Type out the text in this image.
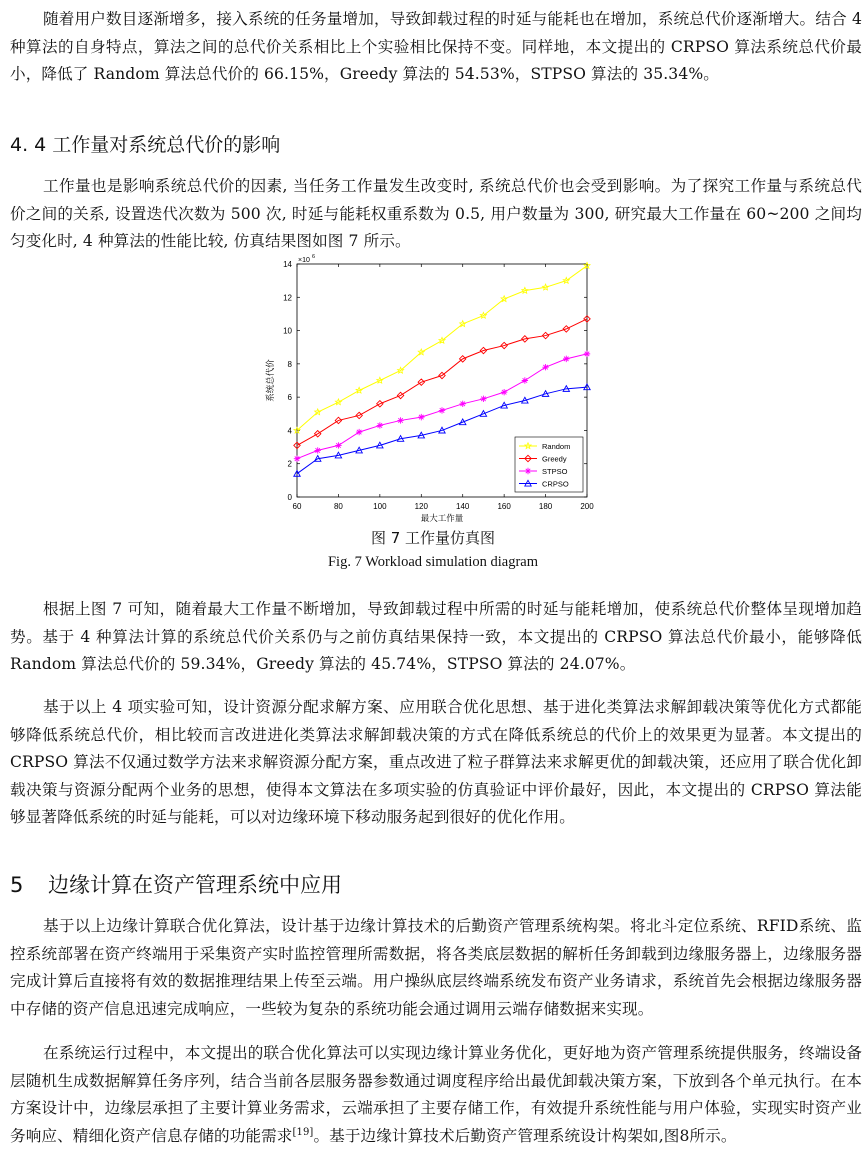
随着用户数目逐渐增多，接入系统的任务量增加，导致卸载过程的时延与能耗也在增加，系统总代价逐渐增大。结合 4 种算法的自身特点，算法之间的总代价关系相比上个实验相比保持不变。同样地，本文提出的 CRPSO 算法系统总代价最小，降低了 Random 算法总代价的 66.15%，Greedy 算法的 54.53%，STPSO 算法的 35.34%。

4. 4 工作量对系统总代价的影响

工作量也是影响系统总代价的因素, 当任务工作量发生改变时, 系统总代价也会受到影响。为了探究工作量与系统总代价之间的关系, 设置迭代次数为 500 次, 时延与能耗权重系数为 0.5, 用户数量为 300, 研究最大工作量在 60~200 之间均匀变化时, 4 种算法的性能比较, 仿真结果图如图 7 所示。

60	80	100	120	140	160	180	200
0
2
4
6
8
10
12
14 ×10 6
最大工作量
系统总代价
Random
Greedy
STPSO
CRPSO

图 7 工作量仿真图

Fig. 7 Workload simulation diagram

根据上图 7 可知，随着最大工作量不断增加，导致卸载过程中所需的时延与能耗增加，使系统总代价整体呈现增加趋势。基于 4 种算法计算的系统总代价关系仍与之前仿真结果保持一致，本文提出的 CRPSO 算法总代价最小，能够降低 Random 算法总代价的 59.34%，Greedy 算法的 45.74%，STPSO 算法的 24.07%。

基于以上 4 项实验可知，设计资源分配求解方案、应用联合优化思想、基于进化类算法求解卸载决策等优化方式都能够降低系统总代价，相比较而言改进进化类算法求解卸载决策的方式在降低系统总的代价上的效果更为显著。本文提出的 CRPSO 算法不仅通过数学方法来求解资源分配方案，重点改进了粒子群算法来求解更优的卸载决策，还应用了联合优化卸载决策与资源分配两个业务的思想，使得本文算法在多项实验的仿真验证中评价最好，因此，本文提出的 CRPSO 算法能够显著降低系统的时延与能耗，可以对边缘环境下移动服务起到很好的优化作用。

5 边缘计算在资产管理系统中应用

基于以上边缘计算联合优化算法，设计基于边缘计算技术的后勤资产管理系统构架。将北斗定位系统、RFID系统、监控系统部署在资产终端用于采集资产实时监控管理所需数据，将各类底层数据的解析任务卸载到边缘服务器上，边缘服务器完成计算后直接将有效的数据推理结果上传至云端。用户操纵底层终端系统发布资产业务请求，系统首先会根据边缘服务器中存储的资产信息迅速完成响应，一些较为复杂的系统功能会通过调用云端存储数据来实现。

在系统运行过程中，本文提出的联合优化算法可以实现边缘计算业务优化，更好地为资产管理系统提供服务，终端设备层随机生成数据解算任务序列，结合当前各层服务器参数通过调度程序给出最优卸载决策方案，下放到各个单元执行。在本方案设计中，边缘层承担了主要计算业务需求，云端承担了主要存储工作，有效提升系统性能与用户体验，实现实时资产业务响应、精细化资产信息存储的功能需求[19]。基于边缘计算技术后勤资产管理系统设计构架如,图8所示。
